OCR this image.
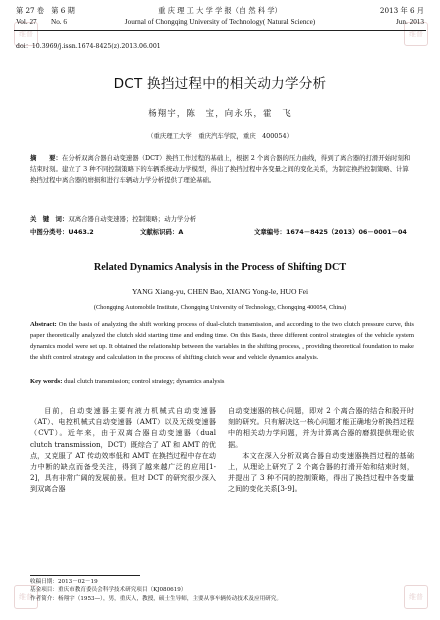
维普	维普
维普	维普
第 27 卷　第 6 期	重 庆 理 工 大 学 学 报（自 然 科 学）	2013 年 6 月
Vol. 27　　No. 6	Journal of Chongqing University of Technology( Natural Science)	Jun. 2013
doi：10.3969/j.issn.1674-8425(z).2013.06.001
DCT 换挡过程中的相关动力学分析
杨翔宇，陈　宝，向永乐，霍　飞
（重庆理工大学　重庆汽车学院，重庆　400054）
摘　　要：在分析双离合器自动变速器（DCT）换挡工作过程的基础上，根据 2 个离合器的压力曲线，得到了离合器的打滑开始时刻和结束时刻。建立了 3 种不同控制策略下的车辆系统动力学模型，得出了换挡过程中各变量之间的变化关系，为制定换挡控制策略、计算换挡过程中离合器的磨损和进行车辆动力学分析提供了理论基础。
关　键　词：双离合器自动变速器；控制策略；动力学分析
中图分类号：U463.2	文献标识码：A	文章编号：1674－8425（2013）06－0001－04
Related Dynamics Analysis in the Process of Shifting DCT
YANG Xiang-yu, CHEN Bao, XIANG Yong-le, HUO Fei
(Chongqing Automobile Institute, Chongqing University of Technology, Chongqing 400054, China)
Abstract: On the basis of analyzing the shift working process of dual-clutch transmission, and according to the two clutch pressure curve, this paper theoretically analyzed the clutch skid starting time and ending time. On this Basis, three different control strategies of the vehicle system dynamics model were set up. It obtained the relationship between the variables in the shifting process, , providing theoretical foundation to make the shift control strategy and calculation in the process of shifting clutch wear and vehicle dynamics analysis.
Key words: dual clutch transmission; control strategy; dynamics analysis

目前，自动变速器主要有液力机械式自动变速器（AT）、电控机械式自动变速器（AMT）以及无级变速器（CVT）。近年来，由于双离合器自动变速器（dual clutch transmission，DCT）既综合了 AT 和 AMT 的优点，又克服了 AT 传动效率低和 AMT 在换挡过程中存在动力中断的缺点而备受关注，得到了越来越广泛的应用[1-2]，具有非常广阔的发展前景。但对 DCT 的研究很少深入到双离合器

自动变速器的核心问题，即对 2 个离合器的结合和脱开时刻的研究。只有解决这一核心问题才能正确地分析换挡过程中的相关动力学问题，并为计算离合器的磨损提供理论依据。

本文在深入分析双离合器自动变速器换挡过程的基础上，从理论上研究了 2 个离合器的打滑开始和结束时刻，并提出了 3 种不同的控制策略，得出了换挡过程中各变量之间的变化关系[3-9]。

收稿日期：2013－02－19
基金项目：重庆市教育委员会科学技术研究项目（KJ080619）
作者简介：杨翔宇（1953—），男，重庆人，教授，硕士生导师，主要从事车辆传动技术及应用研究。
